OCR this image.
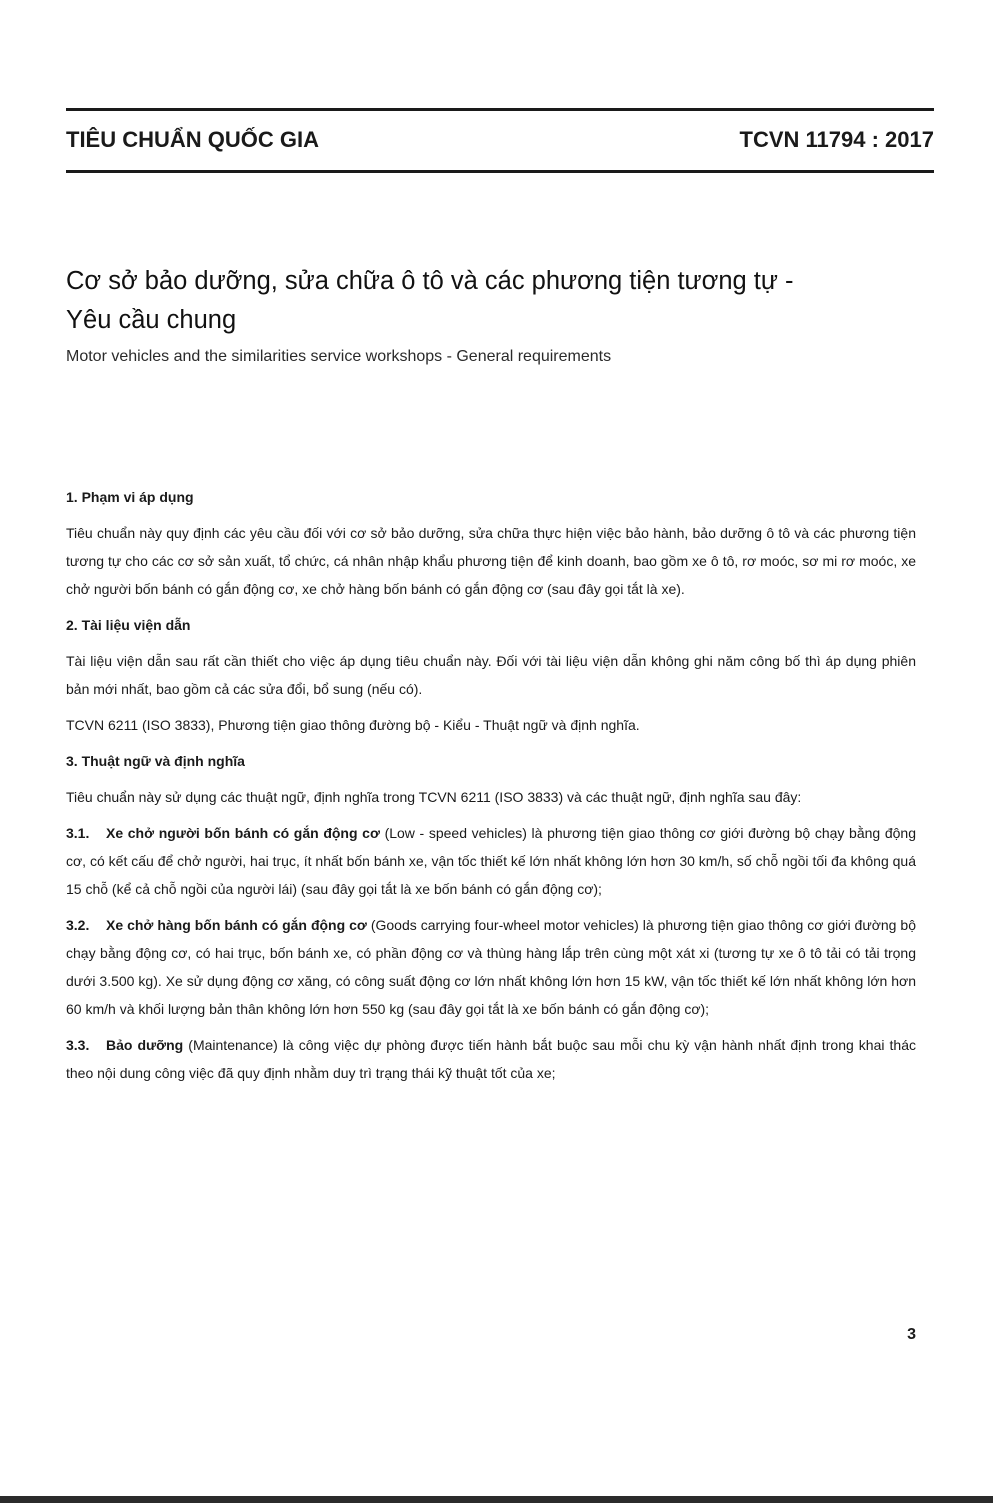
TIÊU CHUẨN QUỐC GIA	TCVN 11794 : 2017
Cơ sở bảo dưỡng, sửa chữa ô tô và các phương tiện tương tự -
Yêu cầu chung

Motor vehicles and the similarities service workshops - General requirements

1. Phạm vi áp dụng

Tiêu chuẩn này quy định các yêu cầu đối với cơ sở bảo dưỡng, sửa chữa thực hiện việc bảo hành, bảo dưỡng ô tô và các phương tiện tương tự cho các cơ sở sản xuất, tổ chức, cá nhân nhập khẩu phương tiện để kinh doanh, bao gồm xe ô tô, rơ moóc, sơ mi rơ moóc, xe chở người bốn bánh có gắn động cơ, xe chở hàng bốn bánh có gắn động cơ (sau đây gọi tắt là xe).

2. Tài liệu viện dẫn

Tài liệu viện dẫn sau rất cần thiết cho việc áp dụng tiêu chuẩn này. Đối với tài liệu viện dẫn không ghi năm công bố thì áp dụng phiên bản mới nhất, bao gồm cả các sửa đổi, bổ sung (nếu có).

TCVN 6211 (ISO 3833), Phương tiện giao thông đường bộ - Kiểu - Thuật ngữ và định nghĩa.

3. Thuật ngữ và định nghĩa

Tiêu chuẩn này sử dụng các thuật ngữ, định nghĩa trong TCVN 6211 (ISO 3833) và các thuật ngữ, định nghĩa sau đây:

3.1. Xe chở người bốn bánh có gắn động cơ (Low - speed vehicles) là phương tiện giao thông cơ giới đường bộ chạy bằng động cơ, có kết cấu để chở người, hai trục, ít nhất bốn bánh xe, vận tốc thiết kế lớn nhất không lớn hơn 30 km/h, số chỗ ngồi tối đa không quá 15 chỗ (kể cả chỗ ngồi của người lái) (sau đây gọi tắt là xe bốn bánh có gắn động cơ);

3.2. Xe chở hàng bốn bánh có gắn động cơ (Goods carrying four-wheel motor vehicles) là phương tiện giao thông cơ giới đường bộ chạy bằng động cơ, có hai trục, bốn bánh xe, có phần động cơ và thùng hàng lắp trên cùng một xát xi (tương tự xe ô tô tải có tải trọng dưới 3.500 kg). Xe sử dụng động cơ xăng, có công suất động cơ lớn nhất không lớn hơn 15 kW, vận tốc thiết kế lớn nhất không lớn hơn 60 km/h và khối lượng bản thân không lớn hơn 550 kg (sau đây gọi tắt là xe bốn bánh có gắn động cơ);

3.3. Bảo dưỡng (Maintenance) là công việc dự phòng được tiến hành bắt buộc sau mỗi chu kỳ vận hành nhất định trong khai thác theo nội dung công việc đã quy định nhằm duy trì trạng thái kỹ thuật tốt của xe;

3
